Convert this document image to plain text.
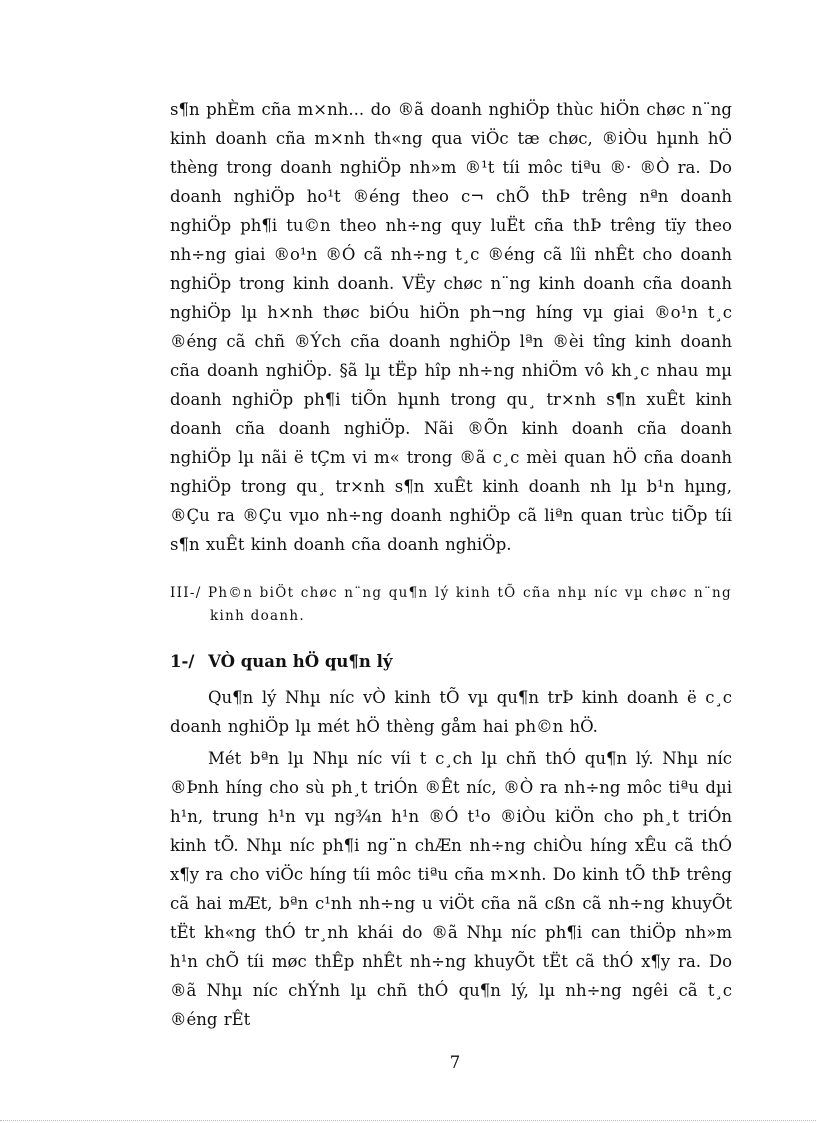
s¶n phÈm cña m×nh... do ®ã doanh nghiÖp thùc hiÖn chøc n¨ng kinh doanh cña m×nh th«ng qua viÖc tæ chøc, ®iÒu hµnh hÖ thèng trong doanh nghiÖp nh»m ®¹t tíi môc tiªu ®· ®Ò ra. Do doanh nghiÖp ho¹t ®éng theo c¬ chÕ thÞ trêng nªn doanh nghiÖp ph¶i tu©n theo nh÷ng quy luËt cña thÞ trêng tïy theo nh÷ng giai ®o¹n ®Ó cã nh÷ng t¸c ®éng cã lîi nhÊt cho doanh nghiÖp trong kinh doanh. VËy chøc n¨ng kinh doanh cña doanh nghiÖp lµ h×nh thøc biÓu hiÖn ph¬ng híng vµ giai ®o¹n t¸c ®éng cã chñ ®Ých cña doanh nghiÖp lªn ®èi tîng kinh doanh cña doanh nghiÖp. §ã lµ tËp hîp nh÷ng nhiÖm vô kh¸c nhau mµ doanh nghiÖp ph¶i tiÕn hµnh trong qu¸ tr×nh s¶n xuÊt kinh doanh cña doanh nghiÖp. Nãi ®Õn kinh doanh cña doanh nghiÖp lµ nãi ë tÇm vi m« trong ®ã c¸c mèi quan hÖ cña doanh nghiÖp trong qu¸ tr×nh s¶n xuÊt kinh doanh nh lµ b¹n hµng, ®Çu ra ®Çu vµo nh÷ng doanh nghiÖp cã liªn quan trùc tiÕp tíi s¶n xuÊt kinh doanh cña doanh nghiÖp.

III-/ Ph©n biÖt chøc n¨ng qu¶n lý kinh tÕ cña nhµ níc vµ chøc n¨ng kinh doanh.

1-/ VÒ quan hÖ qu¶n lý

Qu¶n lý Nhµ níc vÒ kinh tÕ vµ qu¶n trÞ kinh doanh ë c¸c doanh nghiÖp lµ mét hÖ thèng gåm hai ph©n hÖ.

Mét bªn lµ Nhµ níc víi t c¸ch lµ chñ thÓ qu¶n lý. Nhµ níc ®Þnh híng cho sù ph¸t triÓn ®Êt níc, ®Ò ra nh÷ng môc tiªu dµi h¹n, trung h¹n vµ ng¾n h¹n ®Ó t¹o ®iÒu kiÖn cho ph¸t triÓn kinh tÕ. Nhµ níc ph¶i ng¨n chÆn nh÷ng chiÒu híng xÊu cã thÓ x¶y ra cho viÖc híng tíi môc tiªu cña m×nh. Do kinh tÕ thÞ trêng cã hai mÆt, bªn c¹nh nh÷ng u viÖt cña nã cßn cã nh÷ng khuyÕt tËt kh«ng thÓ tr¸nh khái do ®ã Nhµ níc ph¶i can thiÖp nh»m h¹n chÕ tíi møc thÊp nhÊt nh÷ng khuyÕt tËt cã thÓ x¶y ra. Do ®ã Nhµ níc chÝnh lµ chñ thÓ qu¶n lý, lµ nh÷ng ngêi cã t¸c ®éng rÊt

7
